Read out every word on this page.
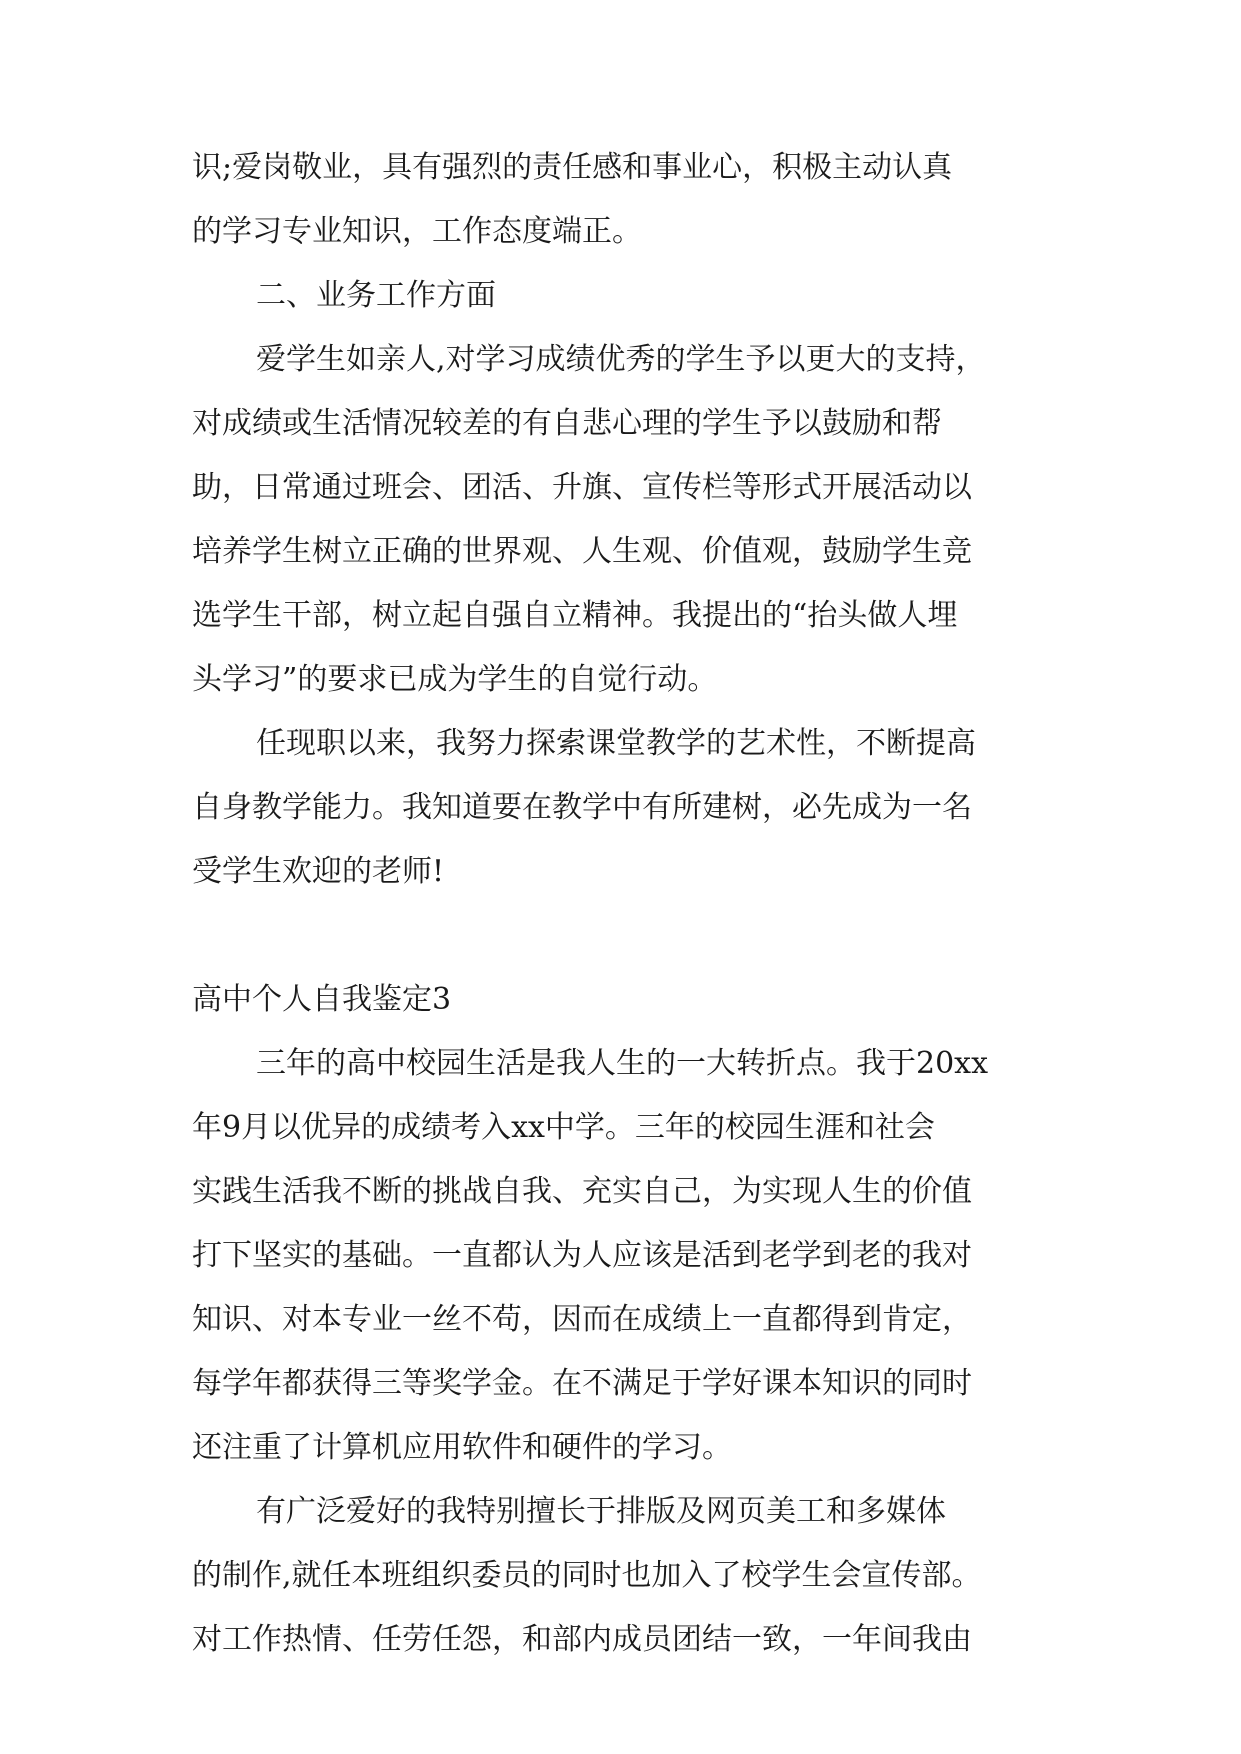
识;爱岗敬业，具有强烈的责任感和事业心，积极主动认真
的学习专业知识，工作态度端正。
二、业务工作方面
爱学生如亲人,对学习成绩优秀的学生予以更大的支持，
对成绩或生活情况较差的有自悲心理的学生予以鼓励和帮
助，日常通过班会、团活、升旗、宣传栏等形式开展活动以
培养学生树立正确的世界观、人生观、价值观，鼓励学生竞
选学生干部，树立起自强自立精神。我提出的“抬头做人埋
头学习”的要求已成为学生的自觉行动。
任现职以来，我努力探索课堂教学的艺术性，不断提高
自身教学能力。我知道要在教学中有所建树，必先成为一名
受学生欢迎的老师!
高中个人自我鉴定3
三年的高中校园生活是我人生的一大转折点。我于20xx
年9月以优异的成绩考入xx中学。三年的校园生涯和社会
实践生活我不断的挑战自我、充实自己，为实现人生的价值
打下坚实的基础。一直都认为人应该是活到老学到老的我对
知识、对本专业一丝不苟，因而在成绩上一直都得到肯定，
每学年都获得三等奖学金。在不满足于学好课本知识的同时
还注重了计算机应用软件和硬件的学习。
有广泛爱好的我特别擅长于排版及网页美工和多媒体
的制作,就任本班组织委员的同时也加入了校学生会宣传部。
对工作热情、任劳任怨，和部内成员团结一致，一年间我由
